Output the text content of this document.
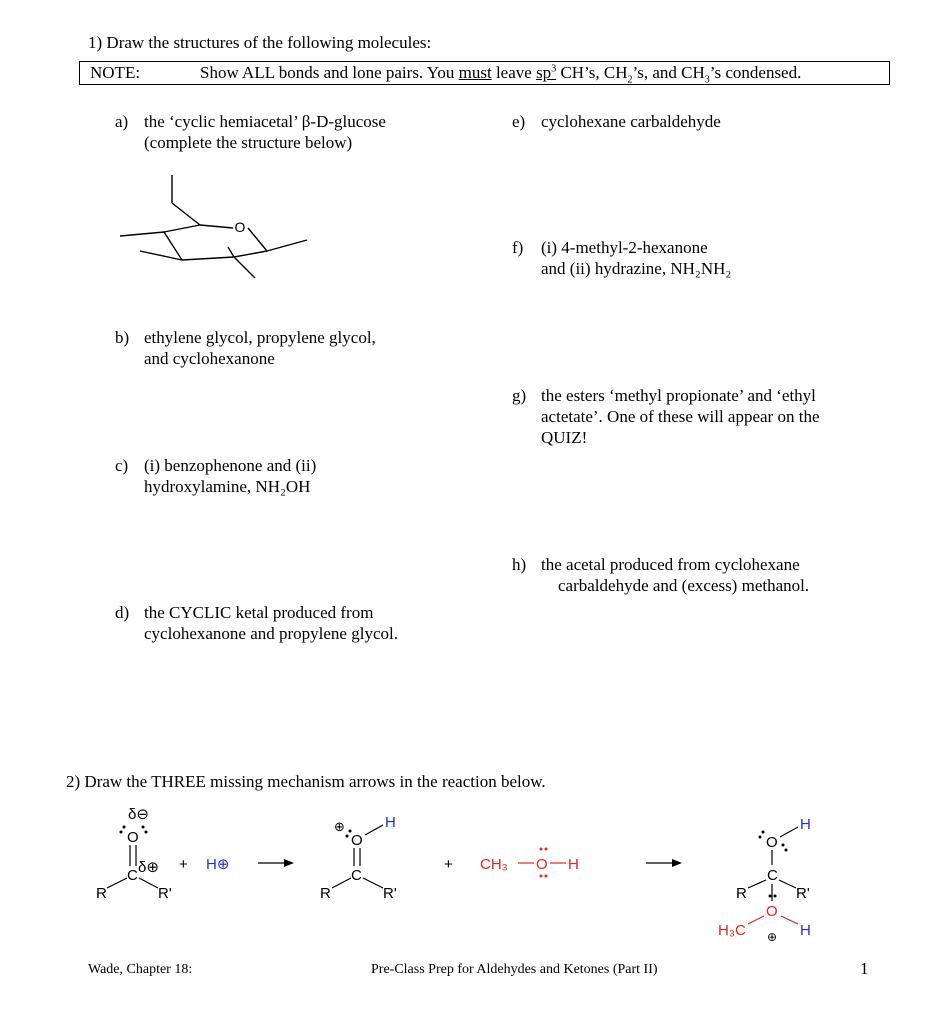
1) Draw the structures of the following molecules:
NOTE:	Show ALL bonds and lone pairs. You must leave $sp^3$ CH’s, $CH_2’s$, and $CH_3’s$ condensed.
a) the ‘cyclic hemiacetal’ β-D-glucose
(complete the structure below)
O
b) ethylene glycol, propylene glycol,
and cyclohexanone
c) (i) benzophenone and (ii)
hydroxylamine, NH₂OH
d) the CYCLIC ketal produced from
cyclohexanone and propylene glycol.
e) cyclohexane carbaldehyde
f) (i) 4-methyl-2-hexanone
and (ii) hydrazine, NH₂NH₂
g) the esters ‘methyl propionate’ and ‘ethyl
actetate’. One of these will appear on the
QUIZ!
h) the acetal produced from cyclohexane
carbaldehyde and (excess) methanol.
2) Draw the THREE missing mechanism arrows in the reaction below.
δ⊖
O
C δ⊕
R	R'
+ H⊕
⊕
O
H
C
R	R'
+ CH₃ O H
O
H
C
R	R'
O
H₃C	H
⊕
Wade, Chapter 18:	Pre-Class Prep for Aldehydes and Ketones (Part II)	1
